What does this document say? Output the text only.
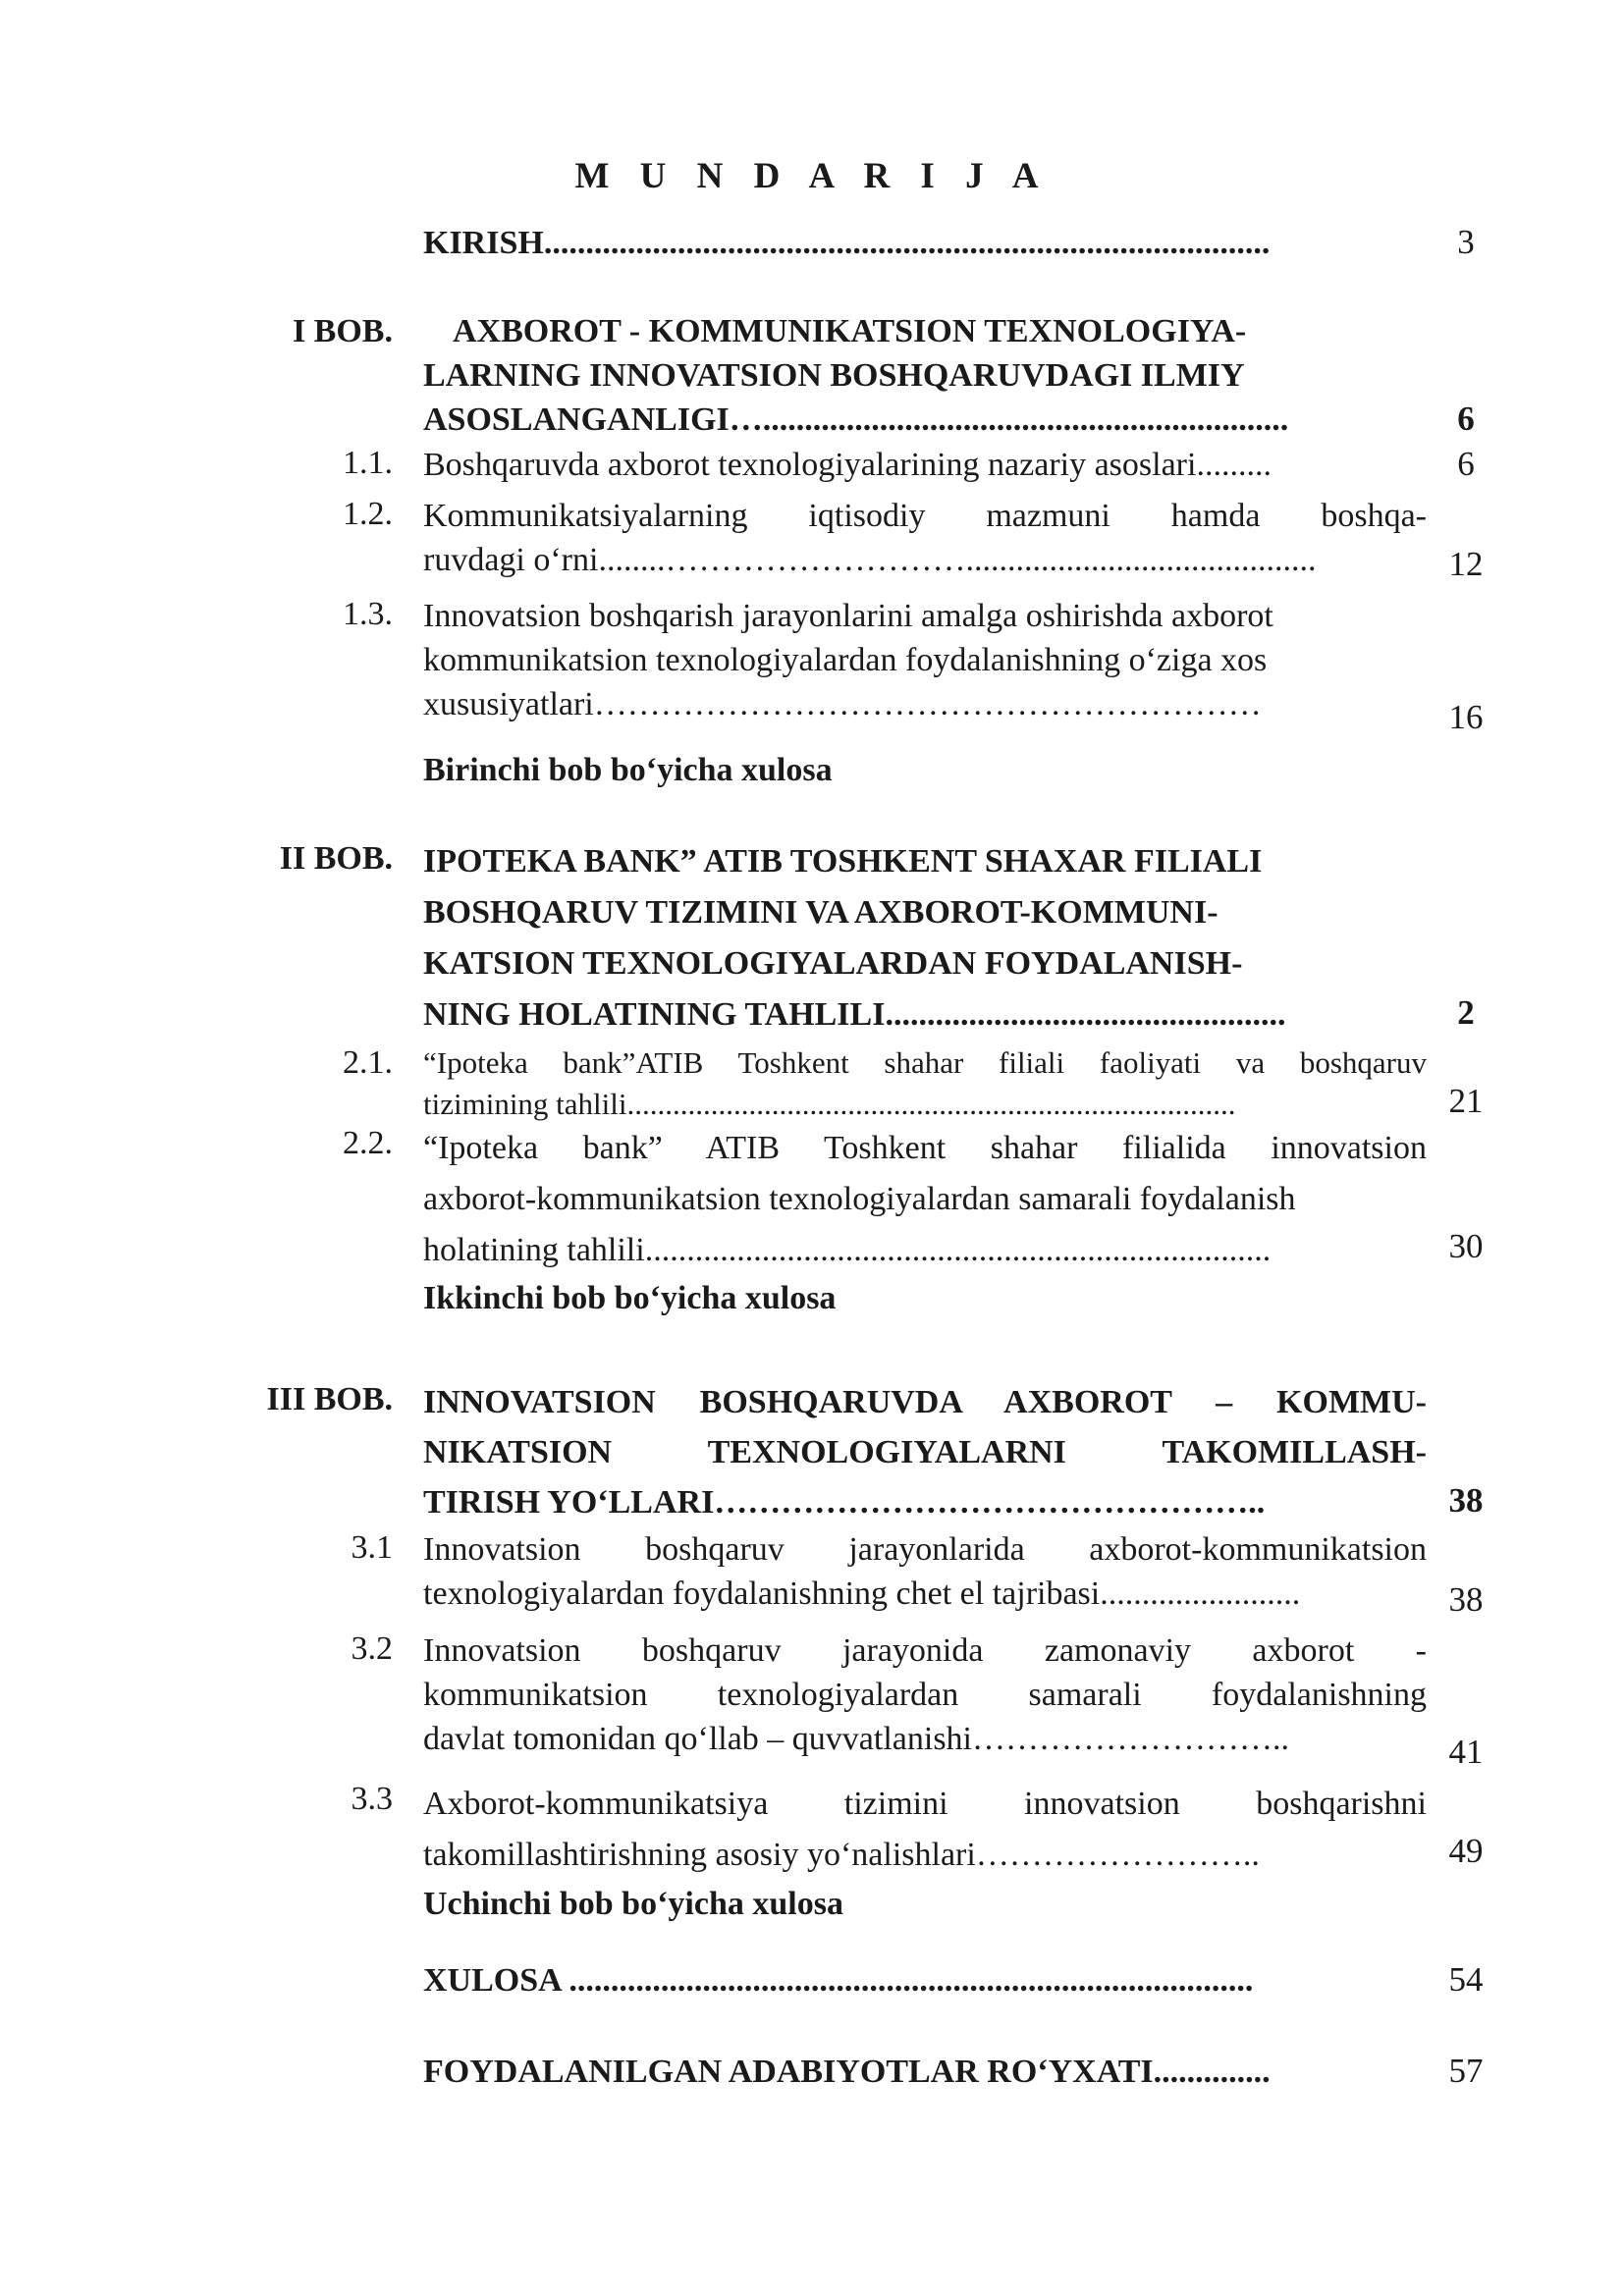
M U N D A R I J A
KIRISH.......................................................................................	3
I BOB.	AXBOROT - KOMMUNIKATSION TEXNOLOGIYA-
LARNING INNOVATSION BOSHQARUVDAGI ILMIY
ASOSLANGANLIGI…...............................................................	6
1.1. Boshqaruvda axborot texnologiyalarining nazariy asoslari.........	6
1.2. Kommunikatsiyalarning iqtisodiy mazmuni hamda boshqa-
ruvdagi o‘rni........………………………..........................................	12
1.3. Innovatsion boshqarish jarayonlarini amalga oshirishda axborot
kommunikatsion texnologiyalardan foydalanishning o‘ziga xos
xususiyatlari……………………………………………………	16
Birinchi bob bo‘yicha xulosa
II BOB. IPOTEKA BANK” ATIB TOSHKENT SHAXAR FILIALI
BOSHQARUV TIZIMINI VA AXBOROT-KOMMUNI-
KATSION TEXNOLOGIYALARDAN FOYDALANISH-
NING HOLATINING TAHLILI................................................	2
2.1. “Ipoteka bank”ATIB Toshkent shahar filiali faoliyati va boshqaruv
tizimining tahlili................................................................................	21
2.2. “Ipoteka bank” ATIB Toshkent shahar filialida innovatsion
axborot-kommunikatsion texnologiyalardan samarali foydalanish
holatining tahlili...........................................................................	30
Ikkinchi bob bo‘yicha xulosa
III BOB. INNOVATSION BOSHQARUVDA AXBOROT – KOMMU-
NIKATSION TEXNOLOGIYALARNI TAKOMILLASH-
TIRISH YO‘LLARI…………………………………………..	38
3.1 Innovatsion boshqaruv jarayonlarida axborot-kommunikatsion
texnologiyalardan foydalanishning chet el tajribasi........................	38
3.2 Innovatsion boshqaruv jarayonida zamonaviy axborot -
kommunikatsion texnologiyalardan samarali foydalanishning
davlat tomonidan qo‘llab – quvvatlanishi………………………..	41
3.3 Axborot-kommunikatsiya tizimini innovatsion boshqarishni
takomillashtirishning asosiy yo‘nalishlari……………………..	49
Uchinchi bob bo‘yicha xulosa
XULOSA ..................................................................................	54
FOYDALANILGAN ADABIYOTLAR RO‘YXATI..............	57
